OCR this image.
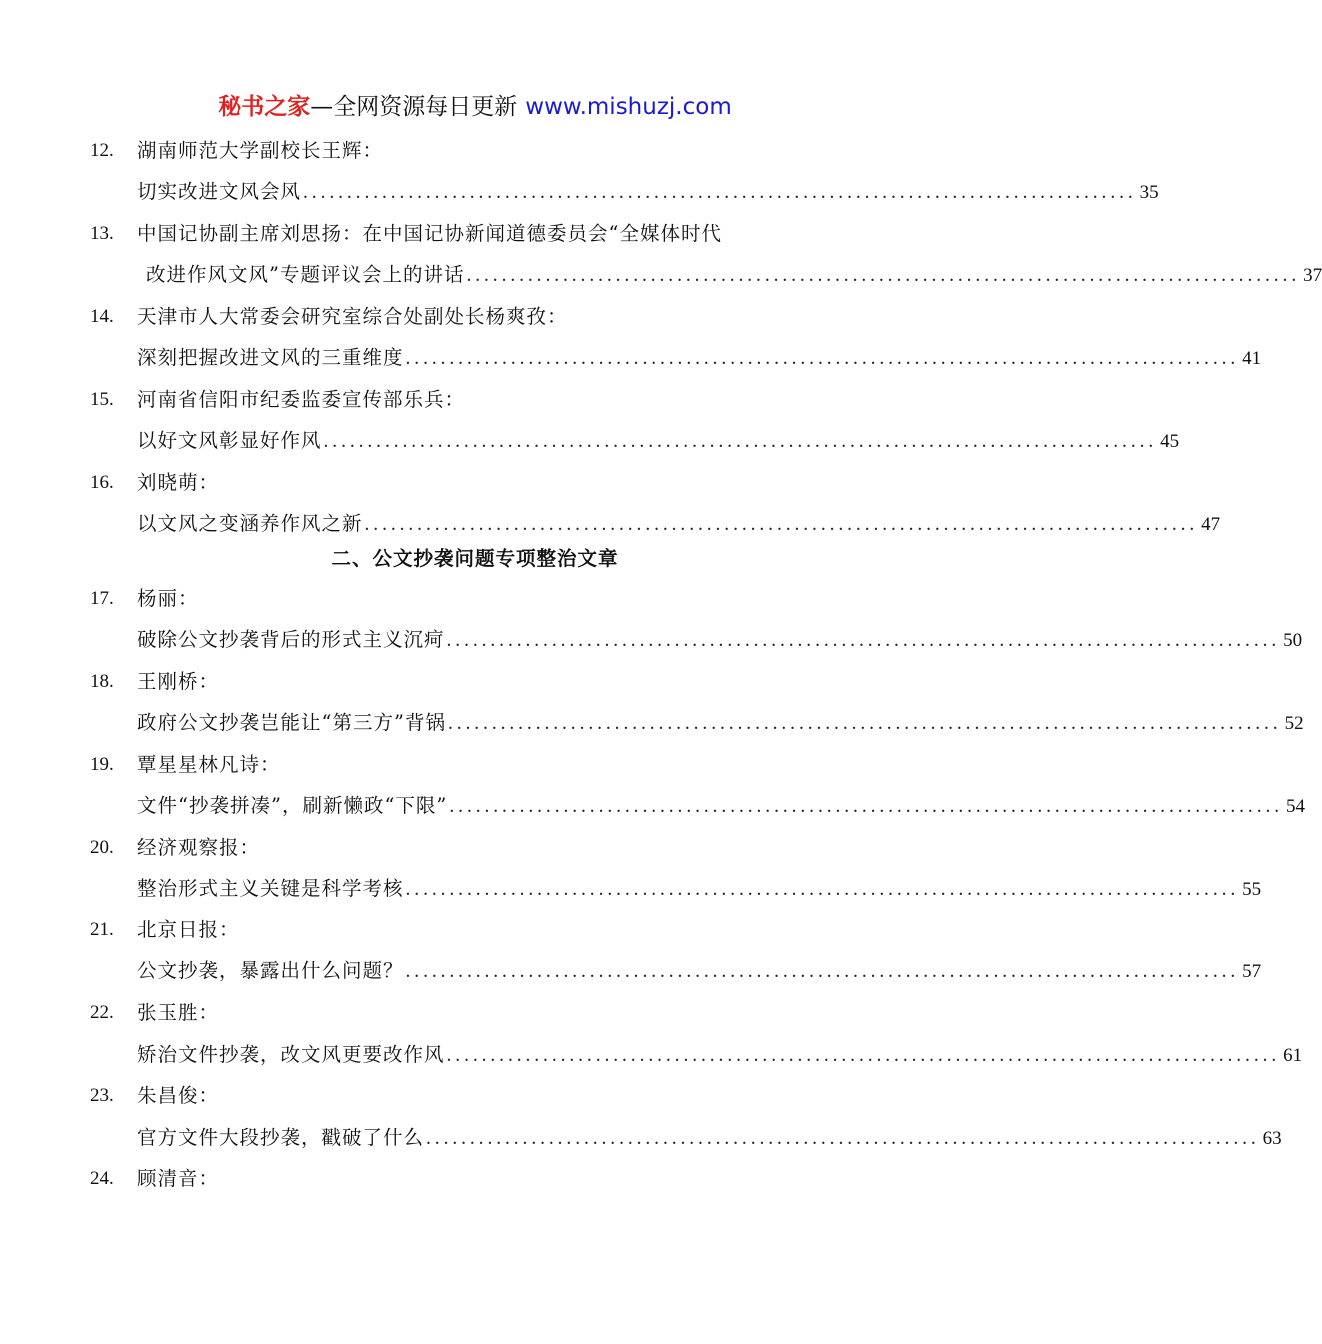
秘书之家—全网资源每日更新 www.mishuzj.com
12. 湖南师范大学副校长王辉：
切实改进文风会风 ............................................................................................... 35
13. 中国记协副主席刘思扬：在中国记协新闻道德委员会“全媒体时代
改进作风文风”专题评议会上的讲话 ............................................................................................... 37
14. 天津市人大常委会研究室综合处副处长杨爽孜：
深刻把握改进文风的三重维度 ............................................................................................... 41
15. 河南省信阳市纪委监委宣传部乐兵：
以好文风彰显好作风 ............................................................................................... 45
16. 刘晓萌：
以文风之变涵养作风之新 ............................................................................................... 47
二、公文抄袭问题专项整治文章
17. 杨丽：
破除公文抄袭背后的形式主义沉疴 ............................................................................................... 50
18. 王刚桥：
政府公文抄袭岂能让“第三方”背锅 ............................................................................................... 52
19. 覃星星林凡诗：
文件“抄袭拼凑”，刷新懒政“下限” ............................................................................................... 54
20. 经济观察报：
整治形式主义关键是科学考核 ............................................................................................... 55
21. 北京日报：
公文抄袭，暴露出什么问题？ ............................................................................................... 57
22. 张玉胜：
矫治文件抄袭，改文风更要改作风 ............................................................................................... 61
23. 朱昌俊：
官方文件大段抄袭，戳破了什么 ............................................................................................... 63
24. 顾清音：
